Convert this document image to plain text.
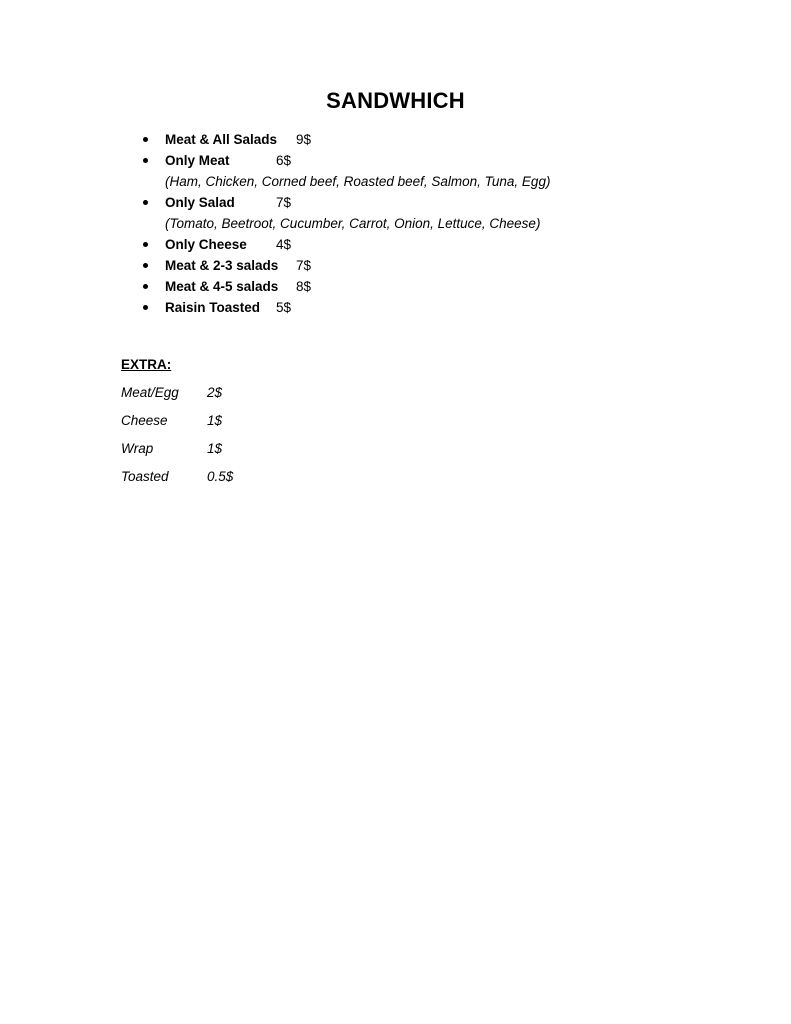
SANDWHICH
Meat & All Salads 9$
Only Meat	6$
(Ham, Chicken, Corned beef, Roasted beef, Salmon, Tuna, Egg)
Only Salad	7$
(Tomato, Beetroot, Cucumber, Carrot, Onion, Lettuce, Cheese)
Only Cheese 4$
Meat & 2-3 salads 7$
Meat & 4-5 salads 8$
Raisin Toasted 5$
EXTRA:
Meat/Egg 2$
Cheese	1$
Wrap	1$
Toasted	0.5$
